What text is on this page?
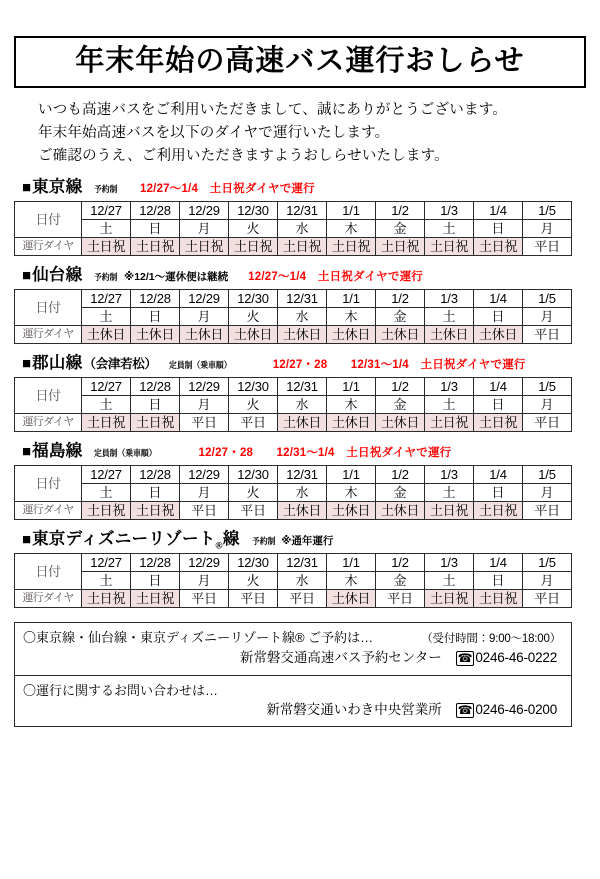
年末年始の高速バス運行おしらせ
いつも高速バスをご利用いただきまして、誠にありがとうございます。
年末年始高速バスを以下のダイヤで運行いたします。
ご確認のうえ、ご利用いただきますようおしらせいたします。
■ 東京線 予約制 12/27〜1/4　土日祝ダイヤで運行
日付	12/27	12/28	12/29	12/30	12/31	1/1	1/2	1/3	1/4	1/5
	土	日	月	火	水	木	金	土	日	月
運行ダイヤ	土日祝	土日祝	土日祝	土日祝	土日祝	土日祝	土日祝	土日祝	土日祝	平日
■ 仙台線 予約制 ※12/1〜運休便は継続 12/27〜1/4　土日祝ダイヤで運行
日付	12/27	12/28	12/29	12/30	12/31	1/1	1/2	1/3	1/4	1/5
	土	日	月	火	水	木	金	土	日	月
運行ダイヤ	土休日	土休日	土休日	土休日	土休日	土休日	土休日	土休日	土休日	平日
■ 郡山線 （会津若松） 定員制（乗車順）	12/27・28　　12/31〜1/4　土日祝ダイヤで運行
日付	12/27	12/28	12/29	12/30	12/31	1/1	1/2	1/3	1/4	1/5
	土	日	月	火	水	木	金	土	日	月
運行ダイヤ	土日祝	土日祝	平日	平日	土休日	土休日	土休日	土日祝	土日祝	平日
■ 福島線 定員制（乗車順）	12/27・28　　12/31〜1/4　土日祝ダイヤで運行
日付	12/27	12/28	12/29	12/30	12/31	1/1	1/2	1/3	1/4	1/5
	土	日	月	火	水	木	金	土	日	月
運行ダイヤ	土日祝	土日祝	平日	平日	土休日	土休日	土休日	土日祝	土日祝	平日
■ 東京ディズニーリゾート$_®$線 予約制 ※通年運行
日付	12/27	12/28	12/29	12/30	12/31	1/1	1/2	1/3	1/4	1/5
	土	日	月	火	水	木	金	土	日	月
運行ダイヤ	土日祝	土日祝	平日	平日	平日	土休日	平日	土日祝	土日祝	平日
〇東京線・仙台線・東京ディズニーリゾート線® ご予約は…	（受付時間：9:00〜18:00）
新常磐交通高速バス予約センター ☎ 0246-46-0222
〇運行に関するお問い合わせは…
新常磐交通いわき中央営業所 ☎ 0246-46-0200
